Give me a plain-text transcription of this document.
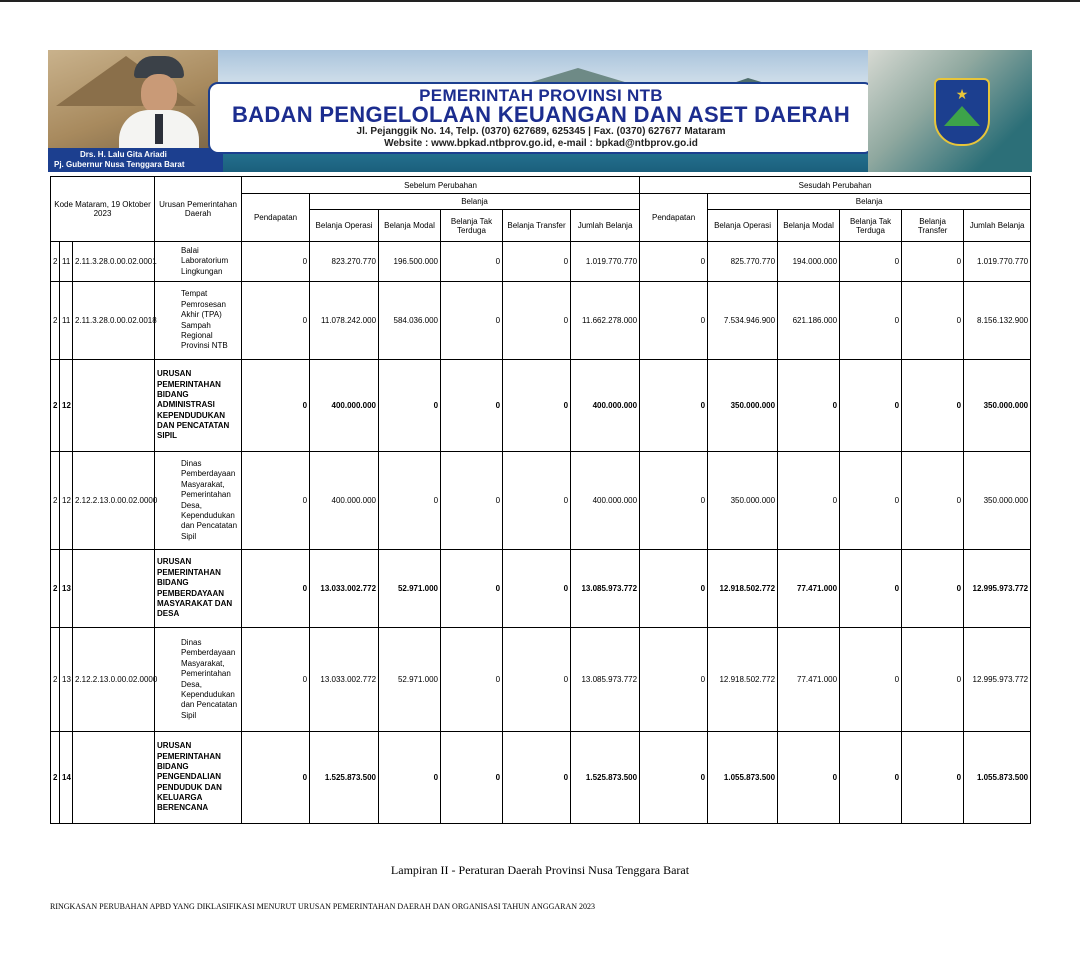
Drs. H. Lalu Gita Ariadi
Pj. Gubernur Nusa Tenggara Barat
PEMERINTAH PROVINSI NTB
BADAN PENGELOLAAN KEUANGAN DAN ASET DAERAH
Jl. Pejanggik No. 14, Telp. (0370) 627689, 625345 | Fax. (0370) 627677 Mataram
Website : www.bpkad.ntbprov.go.id, e-mail : bpkad@ntbprov.go.id
★
Kode Mataram, 19 Oktober 2023			Urusan Pemerintahan Daerah	Sebelum Perubahan						Sesudah Perubahan					
				Pendapatan	Belanja					Pendapatan	Belanja				
					Belanja Operasi	Belanja Modal	Belanja Tak Terduga	Belanja Transfer	Jumlah Belanja		Belanja Operasi	Belanja Modal	Belanja Tak Terduga	Belanja Transfer	Jumlah Belanja
2	11	2.11.3.28.0.00.02.0001	Balai Laboratorium Lingkungan	0	823.270.770	196.500.000	0	0	1.019.770.770	0	825.770.770	194.000.000	0	0	1.019.770.770
2	11	2.11.3.28.0.00.02.0018	Tempat Pemrosesan Akhir (TPA) Sampah Regional Provinsi NTB	0	11.078.242.000	584.036.000	0	0	11.662.278.000	0	7.534.946.900	621.186.000	0	0	8.156.132.900
2	12		URUSAN PEMERINTAHAN BIDANG ADMINISTRASI KEPENDUDUKAN DAN PENCATATAN SIPIL	0	400.000.000	0	0	0	400.000.000	0	350.000.000	0	0	0	350.000.000
2	12	2.12.2.13.0.00.02.0000	Dinas Pemberdayaan Masyarakat, Pemerintahan Desa, Kependudukan dan Pencatatan Sipil	0	400.000.000	0	0	0	400.000.000	0	350.000.000	0	0	0	350.000.000
2	13		URUSAN PEMERINTAHAN BIDANG PEMBERDAYAAN MASYARAKAT DAN DESA	0	13.033.002.772	52.971.000	0	0	13.085.973.772	0	12.918.502.772	77.471.000	0	0	12.995.973.772
2	13	2.12.2.13.0.00.02.0000	Dinas Pemberdayaan Masyarakat, Pemerintahan Desa, Kependudukan dan Pencatatan Sipil	0	13.033.002.772	52.971.000	0	0	13.085.973.772	0	12.918.502.772	77.471.000	0	0	12.995.973.772
2	14		URUSAN PEMERINTAHAN BIDANG PENGENDALIAN PENDUDUK DAN KELUARGA BERENCANA	0	1.525.873.500	0	0	0	1.525.873.500	0	1.055.873.500	0	0	0	1.055.873.500
Lampiran II - Peraturan Daerah Provinsi Nusa Tenggara Barat
RINGKASAN PERUBAHAN APBD YANG DIKLASIFIKASI MENURUT URUSAN PEMERINTAHAN DAERAH DAN ORGANISASI TAHUN ANGGARAN 2023
